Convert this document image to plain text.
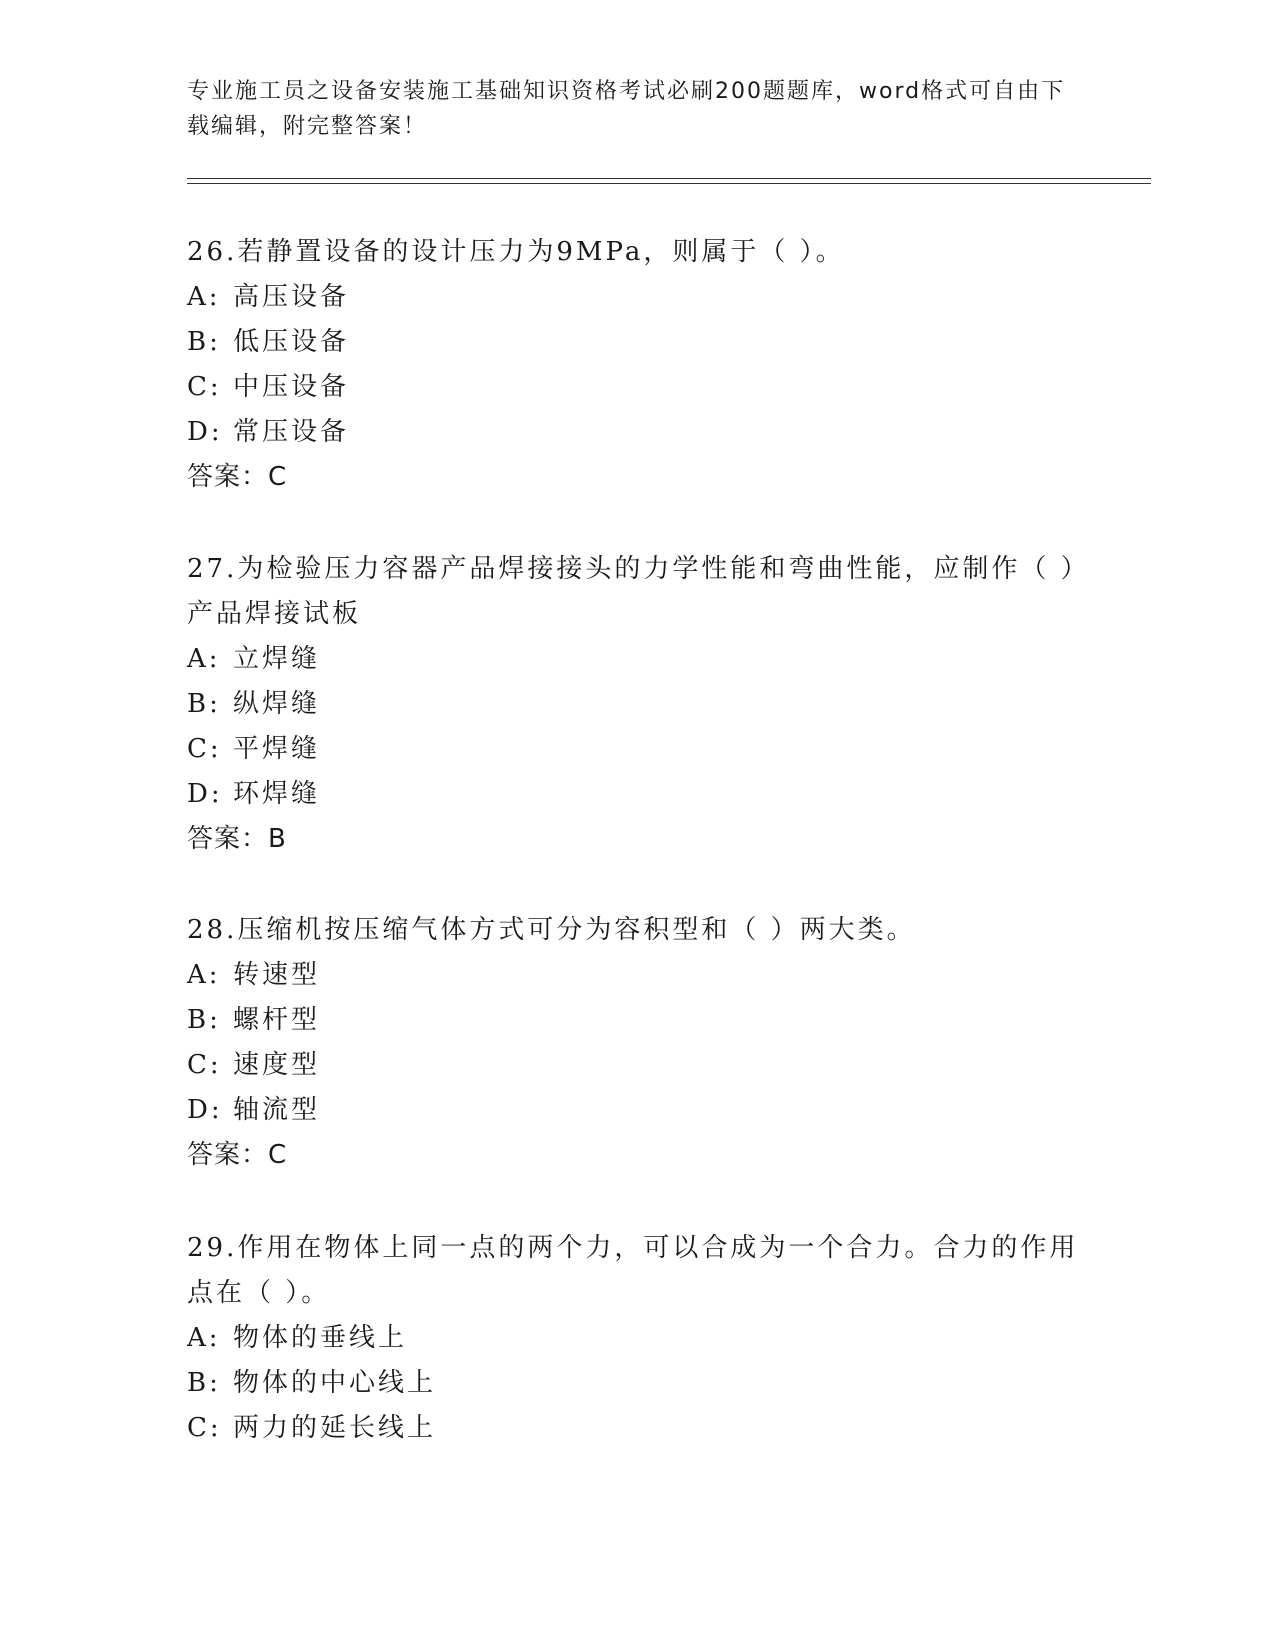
专业施工员之设备安装施工基础知识资格考试必刷200题题库，word格式可自由下载编辑，附完整答案！

26.若静置设备的设计压力为9MPa，则属于（ ）。

A: 高压设备

B: 低压设备

C: 中压设备

D: 常压设备

答案：C

27.为检验压力容器产品焊接接头的力学性能和弯曲性能，应制作（ ）产品焊接试板

A: 立焊缝

B: 纵焊缝

C: 平焊缝

D: 环焊缝

答案：B

28.压缩机按压缩气体方式可分为容积型和（ ）两大类。

A: 转速型

B: 螺杆型

C: 速度型

D: 轴流型

答案：C

29.作用在物体上同一点的两个力，可以合成为一个合力。合力的作用点在（ ）。

A: 物体的垂线上

B: 物体的中心线上

C: 两力的延长线上
